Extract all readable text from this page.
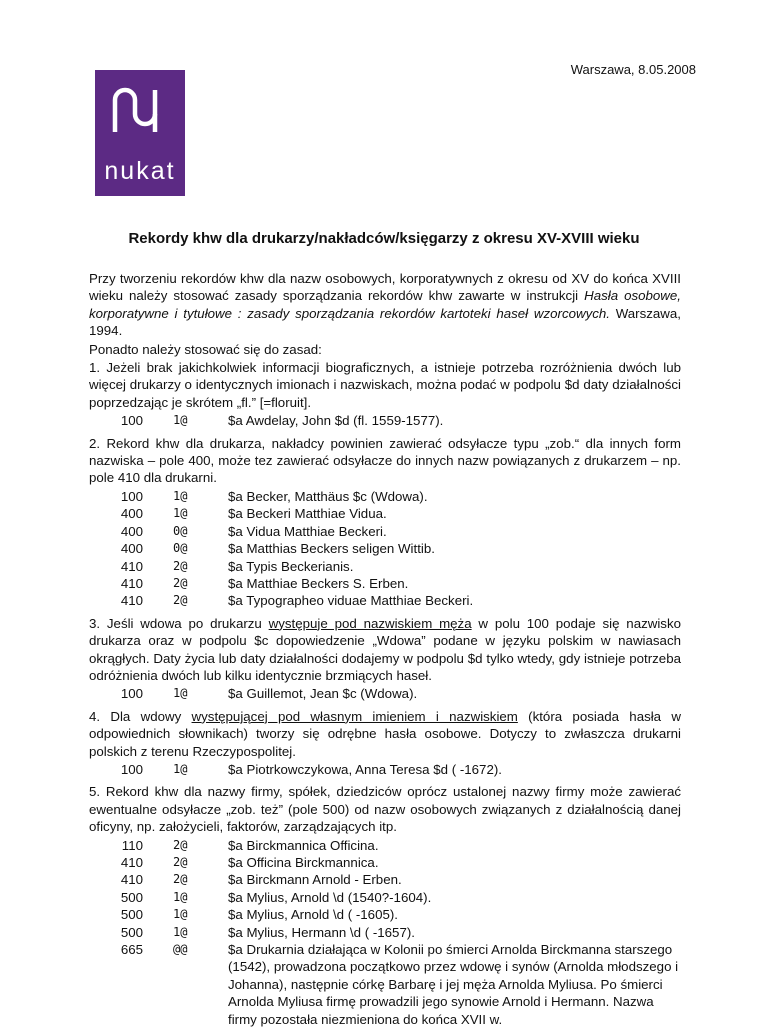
Warszawa, 8.05.2008
nukat
Rekordy khw dla drukarzy/nakładców/księgarzy z okresu XV-XVIII wieku

Przy tworzeniu rekordów khw dla nazw osobowych, korporatywnych z okresu od XV do końca XVIII wieku należy stosować zasady sporządzania rekordów khw zawarte w instrukcji Hasła osobowe, korporatywne i tytułowe : zasady sporządzania rekordów kartoteki haseł wzorcowych. Warszawa, 1994.

Ponadto należy stosować się do zasad:

1. Jeżeli brak jakichkolwiek informacji biograficznych, a istnieje potrzeba rozróżnienia dwóch lub więcej drukarzy o identycznych imionach i nazwiskach, można podać w podpolu $d daty działalności poprzedzając je skrótem „fl.” [=floruit].

100	1@	$a Awdelay, John $d (fl. 1559-1577).

2. Rekord khw dla drukarza, nakładcy powinien zawierać odsyłacze typu „zob.“ dla innych form nazwiska – pole 400, może tez zawierać odsyłacze do innych nazw powiązanych z drukarzem – np. pole 410 dla drukarni.

100	1@	$a Becker, Matthäus $c (Wdowa).
400	1@	$a Beckeri Matthiae Vidua.
400	0@	$a Vidua Matthiae Beckeri.
400	0@	$a Matthias Beckers seligen Wittib.
410	2@	$a Typis Beckerianis.
410	2@	$a Matthiae Beckers S. Erben.
410	2@	$a Typographeo viduae Matthiae Beckeri.

3. Jeśli wdowa po drukarzu występuje pod nazwiskiem męża w polu 100 podaje się nazwisko drukarza oraz w podpolu $c dopowiedzenie „Wdowa” podane w języku polskim w nawiasach okrągłych. Daty życia lub daty działalności dodajemy w podpolu $d tylko wtedy, gdy istnieje potrzeba odróżnienia dwóch lub kilku identycznie brzmiących haseł.

100	1@	$a Guillemot, Jean $c (Wdowa).

4. Dla wdowy występującej pod własnym imieniem i nazwiskiem (która posiada hasła w odpowiednich słownikach) tworzy się odrębne hasła osobowe. Dotyczy to zwłaszcza drukarni polskich z terenu Rzeczypospolitej.

100	1@	$a Piotrkowczykowa, Anna Teresa $d ( -1672).

5. Rekord khw dla nazwy firmy, spółek, dziedziców oprócz ustalonej nazwy firmy może zawierać ewentualne odsyłacze „zob. też” (pole 500) od nazw osobowych związanych z działalnością danej oficyny, np. założycieli, faktorów, zarządzających itp.

110	2@	$a Birckmannica Officina.
410	2@	$a Officina Birckmannica.
410	2@	$a Birckmann Arnold - Erben.
500	1@	$a Mylius, Arnold \d (1540?-1604).
500	1@	$a Mylius, Arnold \d ( -1605).
500	1@	$a Mylius, Hermann \d ( -1657).
665	@@	$a Drukarnia działająca w Kolonii po śmierci Arnolda Birckmanna starszego (1542), prowadzona początkowo przez wdowę i synów (Arnolda młodszego i Johanna), następnie córkę Barbarę i jej męża Arnolda Myliusa. Po śmierci Arnolda Myliusa firmę prowadzili jego synowie Arnold i Hermann. Nazwa firmy pozostała niezmieniona do końca XVII w.
